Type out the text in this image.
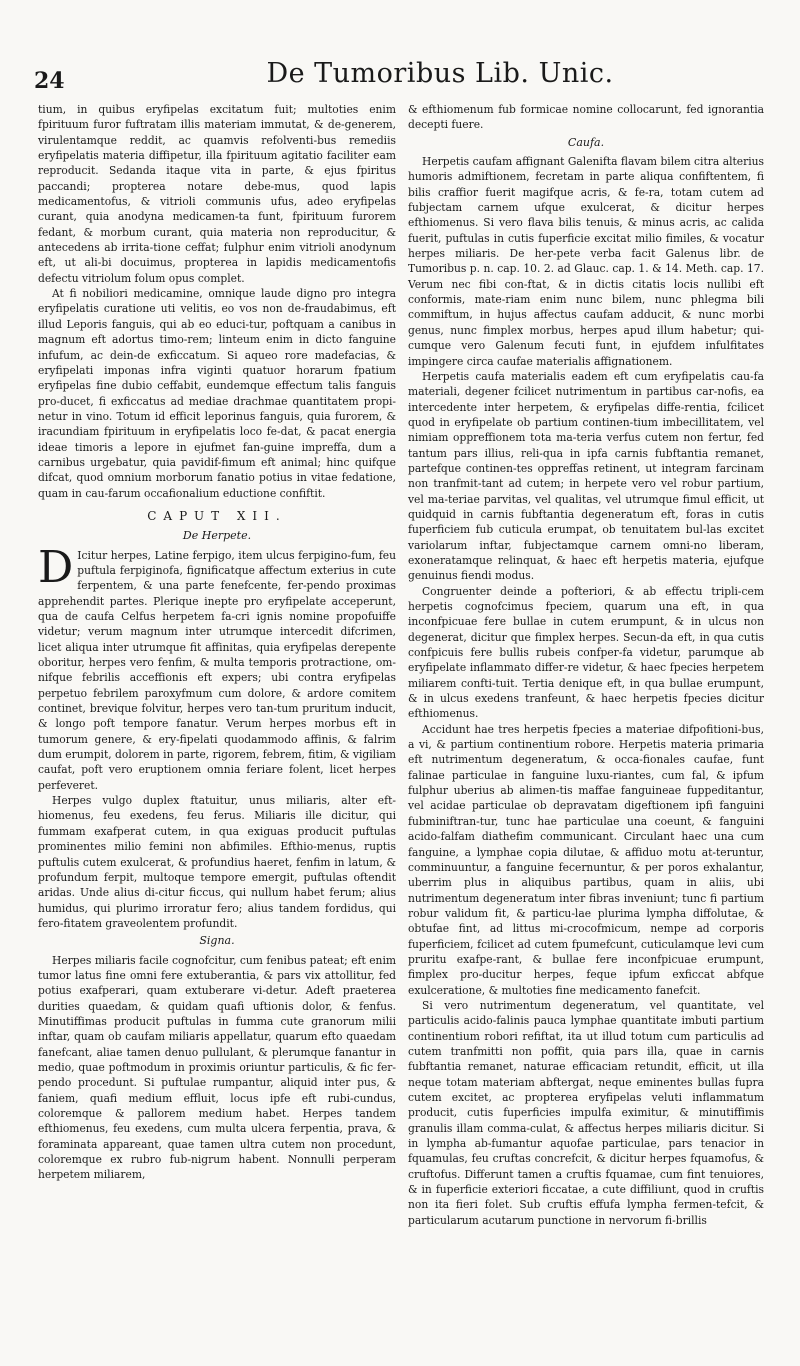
24	De Tumoribus Lib. Unic.

tium, in quibus eryfipelas excitatum fuit; multoties enim fpirituum furor fuftratam illis materiam immutat, & de-generem, virulentamque reddit, ac quamvis refolventi-bus remediis eryfipelatis materia diffipetur, illa fpirituum agitatio faciliter eam reproducit. Sedanda itaque vita in parte, & ejus fpiritus paccandi; propterea notare debe-mus, quod lapis medicamentofus, & vitrioli communis ufus, adeo eryfipelas curant, quia anodyna medicamen-ta funt, fpirituum furorem fedant, & morbum curant, quia materia non reproducitur, & antecedens ab irrita-tione ceffat; fulphur enim vitrioli anodynum eft, ut ali-bi docuimus, propterea in lapidis medicamentofis defectu vitriolum folum opus complet.

At fi nobiliori medicamine, omnique laude digno pro integra eryfipelatis curatione uti velitis, eo vos non de-fraudabimus, eft illud Leporis fanguis, qui ab eo educi-tur, poftquam a canibus in magnum eft adortus timo-rem; linteum enim in dicto fanguine infufum, ac dein-de exficcatum. Si aqueo rore madefacias, & eryfipelati imponas infra viginti quatuor horarum fpatium eryfipelas fine dubio ceffabit, eundemque effectum talis fanguis pro-ducet, fi exficcatus ad mediae drachmae quantitatem propi-netur in vino. Totum id efficit leporinus fanguis, quia furorem, & iracundiam fpirituum in eryfipelatis loco fe-dat, & pacat energia ideae timoris a lepore in ejufmet fan-guine impreffa, dum a carnibus urgebatur, quia pavidif-fimum eft animal; hinc quifque difcat, quod omnium morborum fanatio potius in vitae fedatione, quam in cau-farum occafionalium eductione confiftit.

CAPUT XII.
De Herpete.

D Icitur herpes, Latine ferpigo, item ulcus ferpigino-fum, feu puftula ferpiginofa, fignificatque affectum exterius in cute ferpentem, & una parte fenefcente, fer-pendo proximas apprehendit partes. Plerique inepte pro eryfipelate acceperunt, qua de caufa Celfus herpetem fa-cri ignis nomine propofuiffe videtur; verum magnum inter utrumque intercedit difcrimen, licet aliqua inter utrumque fit affinitas, quia eryfipelas derepente oboritur, herpes vero fenfim, & multa temporis protractione, om-nifque febrilis acceffionis eft expers; ubi contra eryfipelas perpetuo febrilem paroxyfmum cum dolore, & ardore comitem continet, brevique folvitur, herpes vero tan-tum pruritum inducit, & longo poft tempore fanatur. Verum herpes morbus eft in tumorum genere, & ery-fipelati quodammodo affinis, & falrim dum erumpit, dolorem in parte, rigorem, febrem, fitim, & vigiliam caufat, poft vero eruptionem omnia feriare folent, licet herpes perfeveret.

Herpes vulgo duplex ftatuitur, unus miliaris, alter eft-hiomenus, feu exedens, feu ferus. Miliaris ille dicitur, qui fummam exafperat cutem, in qua exiguas producit puftulas prominentes milio femini non abfimiles. Efthio-menus, ruptis puftulis cutem exulcerat, & profundius haeret, fenfim in latum, & profundum ferpit, multoque tempore emergit, puftulas oftendit aridas. Unde alius di-citur ficcus, qui nullum habet ferum; alius humidus, qui plurimo irroratur fero; alius tandem fordidus, qui fero-fitatem graveolentem profundit.

Signa.

Herpes miliaris facile cognofcitur, cum fenibus pateat; eft enim tumor latus fine omni fere extuberantia, & pars vix attollitur, fed potius exafperari, quam extuberare vi-detur. Adeft praeterea durities quaedam, & quidam quafi uftionis dolor, & fenfus. Minutiffimas producit puftulas in fumma cute granorum milii inftar, quam ob caufam miliaris appellatur, quarum efto quaedam fanefcant, aliae tamen denuo pullulant, & plerumque fanantur in medio, quae poftmodum in proximis oriuntur particulis, & fic fer-pendo procedunt. Si puftulae rumpantur, aliquid inter pus, & faniem, quafi medium effluit, locus ipfe eft rubi-cundus, coloremque & pallorem medium habet. Herpes tandem efthiomenus, feu exedens, cum multa ulcera ferpentia, prava, & foraminata appareant, quae tamen ultra cutem non procedunt, coloremque ex rubro fub-nigrum habent. Nonnulli perperam herpetem miliarem,

& efthiomenum fub formicae nomine collocarunt, fed ignorantia decepti fuere.

Caufa.

Herpetis caufam affignant Galenifta flavam bilem citra alterius humoris admiftionem, fecretam in parte aliqua confiftentem, fi bilis craffior fuerit magifque acris, & fe-ra, totam cutem ad fubjectam carnem ufque exulcerat, & dicitur herpes efthiomenus. Si vero flava bilis tenuis, & minus acris, ac calida fuerit, puftulas in cutis fuperficie excitat milio fimiles, & vocatur herpes miliaris. De her-pete verba facit Galenus libr. de Tumoribus p. n. cap. 10. 2. ad Glauc. cap. 1. & 14. Meth. cap. 17. Verum nec fibi con-ftat, & in dictis citatis locis nullibi eft conformis, mate-riam enim nunc bilem, nunc phlegma bili commiftum, in hujus affectus caufam adducit, & nunc morbi genus, nunc fimplex morbus, herpes apud illum habetur; qui-cumque vero Galenum fecuti funt, in ejufdem infulfitates impingere circa caufae materialis affignationem.

Herpetis caufa materialis eadem eft cum eryfipelatis cau-fa materiali, degener fcilicet nutrimentum in partibus car-nofis, ea intercedente inter herpetem, & eryfipelas diffe-rentia, fcilicet quod in eryfipelate ob partium continen-tium imbecillitatem, vel nimiam oppreffionem tota ma-teria verfus cutem non fertur, fed tantum pars illius, reli-qua in ipfa carnis fubftantia remanet, partefque continen-tes oppreffas retinent, ut integram farcinam non tranfmit-tant ad cutem; in herpete vero vel robur partium, vel ma-teriae parvitas, vel qualitas, vel utrumque fimul efficit, ut quidquid in carnis fubftantia degeneratum eft, foras in cutis fuperficiem fub cuticula erumpat, ob tenuitatem bul-las excitet variolarum inftar, fubjectamque carnem omni-no liberam, exoneratamque relinquat, & haec eft herpetis materia, ejufque genuinus fiendi modus.

Congruenter deinde a pofteriori, & ab effectu tripli-cem herpetis cognofcimus fpeciem, quarum una eft, in qua inconfpicuae fere bullae in cutem erumpunt, & in ulcus non degenerat, dicitur que fimplex herpes. Secun-da eft, in qua cutis confpicuis fere bullis rubeis confper-fa videtur, parumque ab eryfipelate inflammato differ-re videtur, & haec fpecies herpetem miliarem confti-tuit. Tertia denique eft, in qua bullae erumpunt, & in ulcus exedens tranfeunt, & haec herpetis fpecies dicitur efthiomenus.

Accidunt hae tres herpetis fpecies a materiae difpofitioni-bus, a vi, & partium continentium robore. Herpetis materia primaria eft nutrimentum degeneratum, & occa-fionales caufae, funt falinae particulae in fanguine luxu-riantes, cum fal, & ipfum fulphur uberius ab alimen-tis maffae fanguineae fuppeditantur, vel acidae particulae ob depravatam digeftionem ipfi fanguini fubminiftran-tur, tunc hae particulae una coeunt, & fanguini acido-falfam diathefim communicant. Circulant haec una cum fanguine, a lymphae copia dilutae, & affiduo motu at-teruntur, comminuuntur, a fanguine fecernuntur, & per poros exhalantur, uberrim plus in aliquibus partibus, quam in aliis, ubi nutrimentum degeneratum inter fibras inveniunt; tunc fi partium robur validum fit, & particu-lae plurima lympha diffolutae, & obtufae fint, ad littus mi-crocofmicum, nempe ad corporis fuperficiem, fcilicet ad cutem fpumefcunt, cuticulamque levi cum pruritu exafpe-rant, & bullae fere inconfpicuae erumpunt, fimplex pro-ducitur herpes, feque ipfum exficcat abfque exulceratione, & multoties fine medicamento fanefcit.

Si vero nutrimentum degeneratum, vel quantitate, vel particulis acido-falinis pauca lymphae quantitate imbuti partium continentium robori refiftat, ita ut illud totum cum particulis ad cutem tranfmitti non poffit, quia pars illa, quae in carnis fubftantia remanet, naturae efficaciam retundit, efficit, ut illa neque totam materiam abftergat, neque eminentes bullas fupra cutem excitet, ac propterea eryfipelas veluti inflammatum producit, cutis fuperficies impulfa eximitur, & minutiffimis granulis illam comma-culat, & affectus herpes miliaris dicitur. Si in lympha ab-fumantur aquofae particulae, pars tenacior in fquamulas, feu cruftas concrefcit, & dicitur herpes fquamofus, & cruftofus. Differunt tamen a cruftis fquamae, cum fint tenuiores, & in fuperficie exteriori ficcatae, a cute diffiliunt, quod in cruftis non ita fieri folet. Sub cruftis effufa lympha fermen-tefcit, & particularum acutarum punctione in nervorum fi-brillis
